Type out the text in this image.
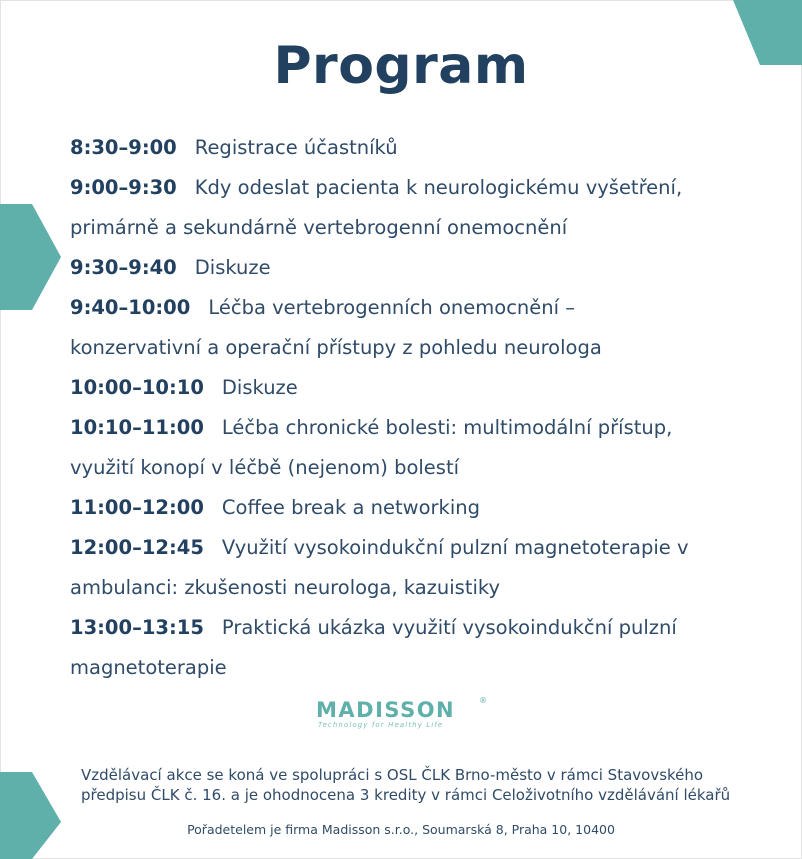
Program
8:30–9:00 Registrace účastníků
9:00–9:30 Kdy odeslat pacienta k neurologickému vyšetření,
primárně a sekundárně vertebrogenní onemocnění
9:30–9:40 Diskuze
9:40–10:00 Léčba vertebrogenních onemocnění –
konzervativní a operační přístupy z pohledu neurologa
10:00–10:10 Diskuze
10:10–11:00 Léčba chronické bolesti: multimodální přístup,
využití konopí v léčbě (nejenom) bolestí
11:00–12:00 Coffee break a networking
12:00–12:45 Využití vysokoindukční pulzní magnetoterapie v
ambulanci: zkušenosti neurologa, kazuistiky
13:00–13:15 Praktická ukázka využití vysokoindukční pulzní
magnetoterapie
MADISSON	®
Technology for Healthy Life
Vzdělávací akce se koná ve spolupráci s OSL ČLK Brno-město v rámci Stavovského
předpisu ČLK č. 16. a je ohodnocena 3 kredity v rámci Celoživotního vzdělávání lékařů
Pořadetelem je firma Madisson s.r.o., Soumarská 8, Praha 10, 10400
